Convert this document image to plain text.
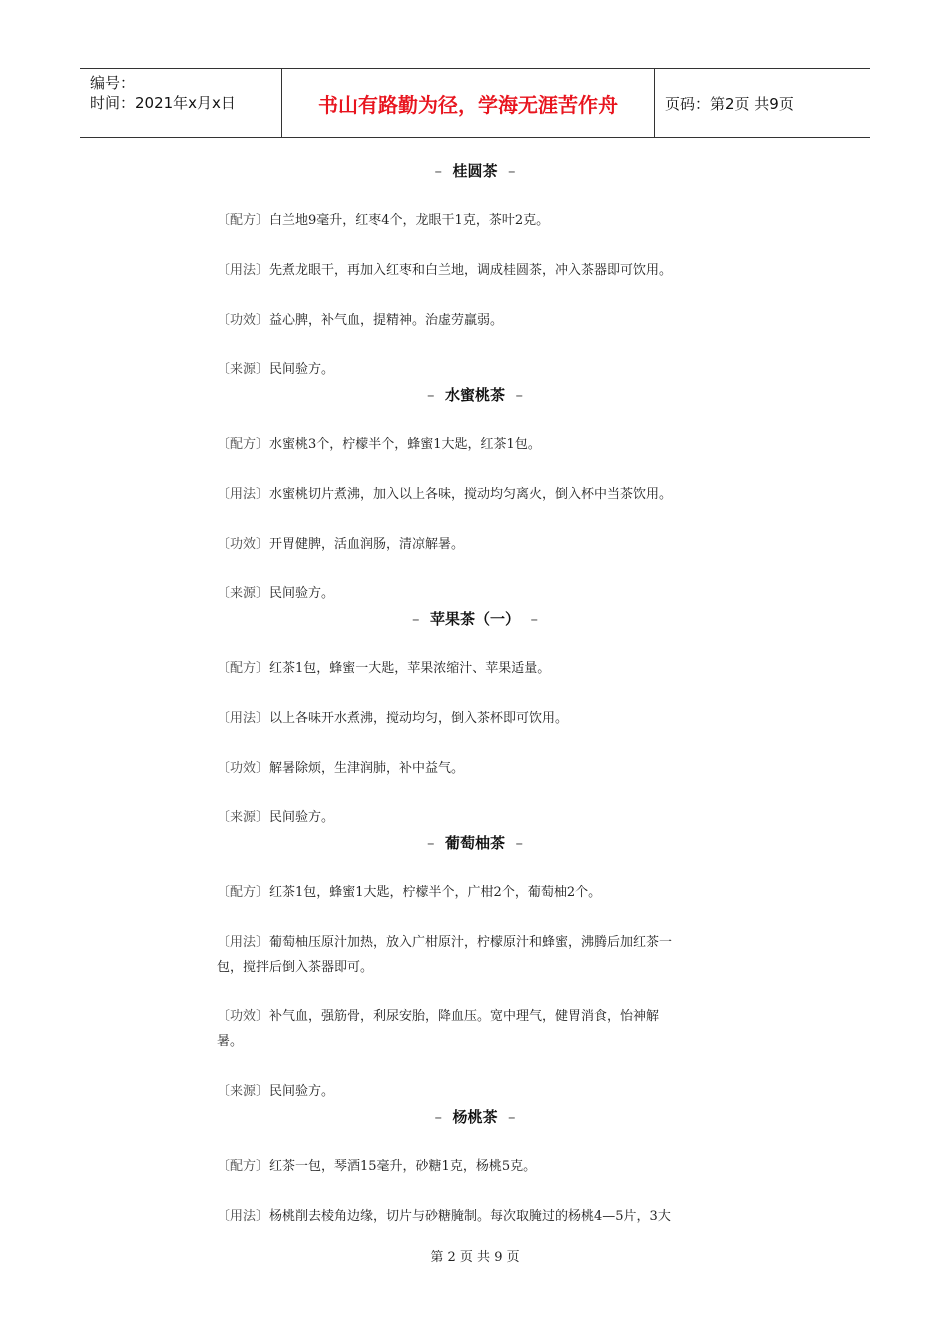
编号：
时间：2021年x月x日	书山有路勤为径，学海无涯苦作舟	页码：第2页 共9页
– 桂圆茶 –
〔配方〕白兰地9毫升，红枣4个，龙眼干1克，茶叶2克。
〔用法〕先煮龙眼干，再加入红枣和白兰地，调成桂圆茶，冲入茶器即可饮用。
〔功效〕益心脾，补气血，提精神。治虚劳羸弱。
〔来源〕民间验方。
– 水蜜桃茶 –
〔配方〕水蜜桃3个，柠檬半个，蜂蜜1大匙，红茶1包。
〔用法〕水蜜桃切片煮沸，加入以上各味，搅动均匀离火，倒入杯中当茶饮用。
〔功效〕开胃健脾，活血润肠，清凉解暑。
〔来源〕民间验方。
– 苹果茶（一） –
〔配方〕红茶1包，蜂蜜一大匙，苹果浓缩汁、苹果适量。
〔用法〕以上各味开水煮沸，搅动均匀，倒入茶杯即可饮用。
〔功效〕解暑除烦，生津润肺，补中益气。
〔来源〕民间验方。
– 葡萄柚茶 –
〔配方〕红茶1包，蜂蜜1大匙，柠檬半个，广柑2个，葡萄柚2个。
〔用法〕葡萄柚压原汁加热，放入广柑原汁，柠檬原汁和蜂蜜，沸腾后加红茶一
包，搅拌后倒入茶器即可。
〔功效〕补气血，强筋骨，利尿安胎，降血压。宽中理气，健胃消食，怡神解
暑。
〔来源〕民间验方。
– 杨桃茶 –
〔配方〕红茶一包，琴酒15毫升，砂糖1克，杨桃5克。
〔用法〕杨桃削去棱角边缘，切片与砂糖腌制。每次取腌过的杨桃4—5片，3大
第 2 页 共 9 页
